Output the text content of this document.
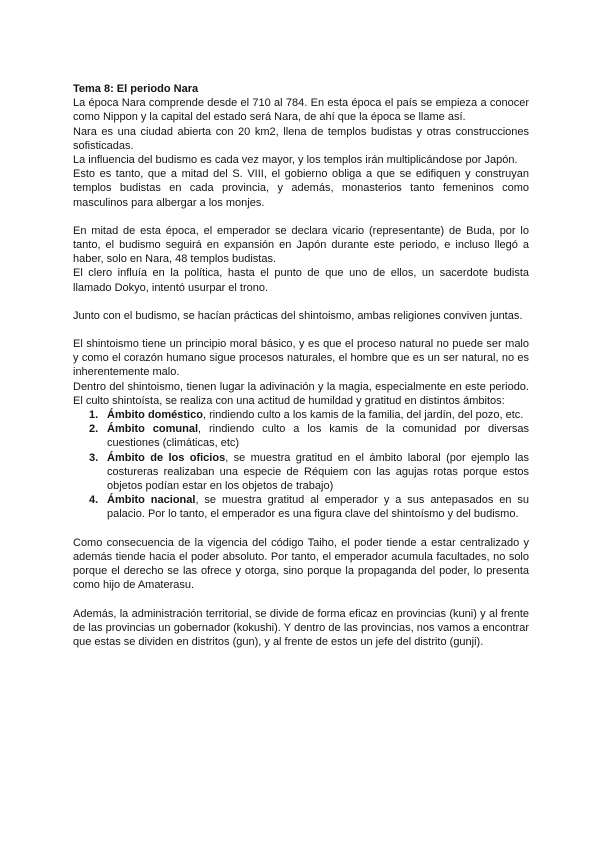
Tema 8: El periodo Nara

La época Nara comprende desde el 710 al 784. En esta época el país se empieza a conocer como Nippon y la capital del estado será Nara, de ahí que la época se llame así.

Nara es una ciudad abierta con 20 km2, llena de templos budistas y otras construcciones sofisticadas.

La influencia del budismo es cada vez mayor, y los templos irán multiplicándose por Japón.

Esto es tanto, que a mitad del S. VIII, el gobierno obliga a que se edifiquen y construyan templos budistas en cada provincia, y además, monasterios tanto femeninos como masculinos para albergar a los monjes.

En mitad de esta época, el emperador se declara vicario (representante) de Buda, por lo tanto, el budismo seguirá en expansión en Japón durante este periodo, e incluso llegó a haber, solo en Nara, 48 templos budistas.

El clero influía en la política, hasta el punto de que uno de ellos, un sacerdote budista llamado Dokyo, intentó usurpar el trono.

Junto con el budismo, se hacían prácticas del shintoismo, ambas religiones conviven juntas.

El shintoismo tiene un principio moral básico, y es que el proceso natural no puede ser malo y como el corazón humano sigue procesos naturales, el hombre que es un ser natural, no es inherentemente malo.

Dentro del shintoismo, tienen lugar la adivinación y la magia, especialmente en este periodo. El culto shintoísta, se realiza con una actitud de humildad y gratitud en distintos ámbitos:

Ámbito doméstico, rindiendo culto a los kamis de la familia, del jardín, del pozo, etc.
Ámbito comunal, rindiendo culto a los kamis de la comunidad por diversas cuestiones (climáticas, etc)
Ámbito de los oficios, se muestra gratitud en el ámbito laboral (por ejemplo las costureras realizaban una especie de Réquiem con las agujas rotas porque estos objetos podían estar en los objetos de trabajo)
Ámbito nacional, se muestra gratitud al emperador y a sus antepasados en su palacio. Por lo tanto, el emperador es una figura clave del shintoísmo y del budismo.

Como consecuencia de la vigencia del código Taiho, el poder tiende a estar centralizado y además tiende hacia el poder absoluto. Por tanto, el emperador acumula facultades, no solo porque el derecho se las ofrece y otorga, sino porque la propaganda del poder, lo presenta como hijo de Amaterasu.

Además, la administración territorial, se divide de forma eficaz en provincias (kuni) y al frente de las provincias un gobernador (kokushi). Y dentro de las provincias, nos vamos a encontrar que estas se dividen en distritos (gun), y al frente de estos un jefe del distrito (gunji).
